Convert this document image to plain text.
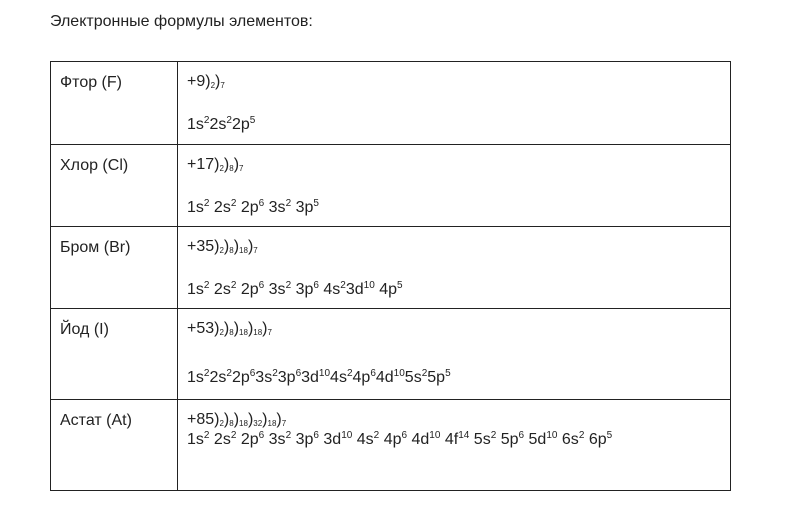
Электронные формулы элементов:
Фтор (F)	$+9)_2)_7$
$1s^22s^22p^5$
Хлор (Cl)	$+17)_2)_8)_7$
$1s^2$ $2s^2$ $2p^6$ $3s^2$ $3p^5$
Бром (Br)	$+35)_2)_8)_{18})_7$
$1s^2$ $2s^2$ $2p^6$ $3s^2$ $3p^6$ $4s^23d^{10}$ $4p^5$
Йод (I)	$+53)_2)_8)_{18})_{18})_7$
$1s^22s^22p^63s^23p^63d^{10}4s^24p^64d^{10}5s^25p^5$
Астат (At)	$+85)_2)_8)_{18})_{32})_{18})_7$
$1s^2$ $2s^2$ $2p^6$ $3s^2$ $3p^6$ $3d^{10}$ $4s^2$ $4p^6$ $4d^{10}$ $4f^{14}$ $5s^2$ $5p^6$ $5d^{10}$ $6s^2$ $6p^5$
